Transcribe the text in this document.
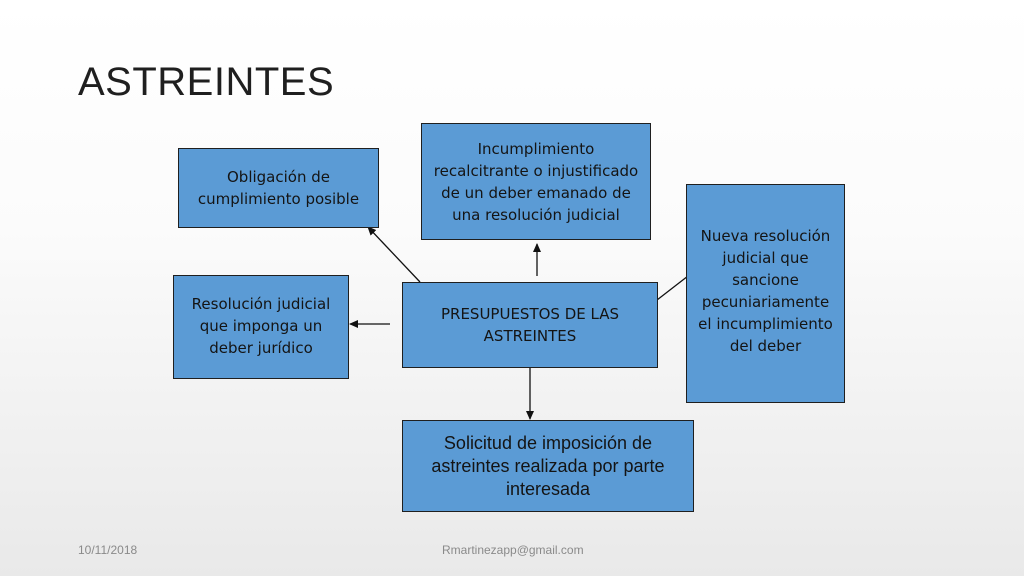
ASTREINTES
Obligación de
cumplimiento posible
Incumplimiento
recalcitrante o injustificado
de un deber emanado de
una resolución judicial
Nueva resolución
judicial que
sancione
pecuniariamente
el incumplimiento
del deber
Resolución judicial
que imponga un
deber jurídico
PRESUPUESTOS DE LAS
ASTREINTES
Solicitud de imposición de
astreintes realizada por parte
interesada
10/11/2018	Rmartinezapp@gmail.com
